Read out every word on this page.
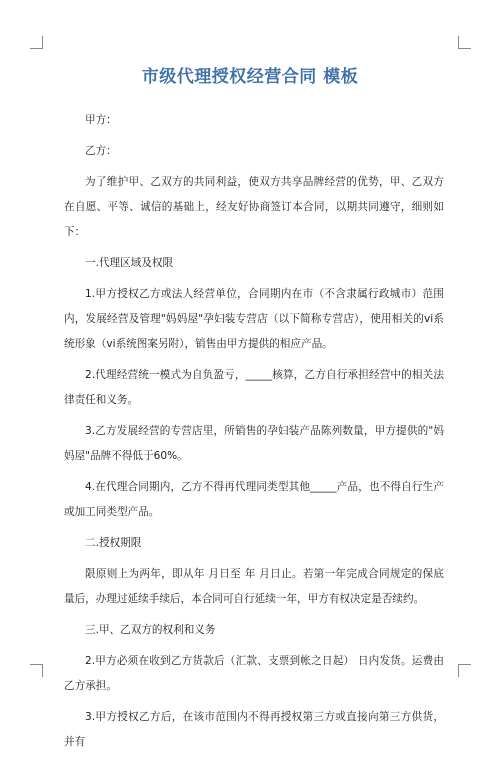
市级代理授权经营合同 模板

甲方：

乙方：

为了维护甲、乙双方的共同利益，使双方共享品牌经营的优势，甲、乙双方在自愿、平等、诚信的基础上，经友好协商签订本合同，以期共同遵守，细则如下：

一.代理区域及权限

1.甲方授权乙方或法人经营单位，合同期内在市（不含隶属行政城市）范围内，发展经营及管理"妈妈屋"孕妇装专营店（以下简称专营店），使用相关的vi系统形象（vi系统图案另附），销售由甲方提供的相应产品。

2.代理经营统一模式为自负盈亏，_____核算，乙方自行承担经营中的相关法律责任和义务。

3.乙方发展经营的专营店里，所销售的孕妇装产品陈列数量，甲方提供的"妈妈屋"品牌不得低于60%。

4.在代理合同期内，乙方不得再代理同类型其他_____产品，也不得自行生产或加工同类型产品。

二.授权期限

限原则上为两年，即从年 月日至 年 月日止。若第一年完成合同规定的保底量后，办理过延续手续后，本合同可自行延续一年，甲方有权决定是否续约。

三.甲、乙双方的权利和义务

2.甲方必须在收到乙方货款后（汇款、支票到帐之日起） 日内发货。运费由乙方承担。

3.甲方授权乙方后，在该市范围内不得再授权第三方或直接向第三方供货，并有
